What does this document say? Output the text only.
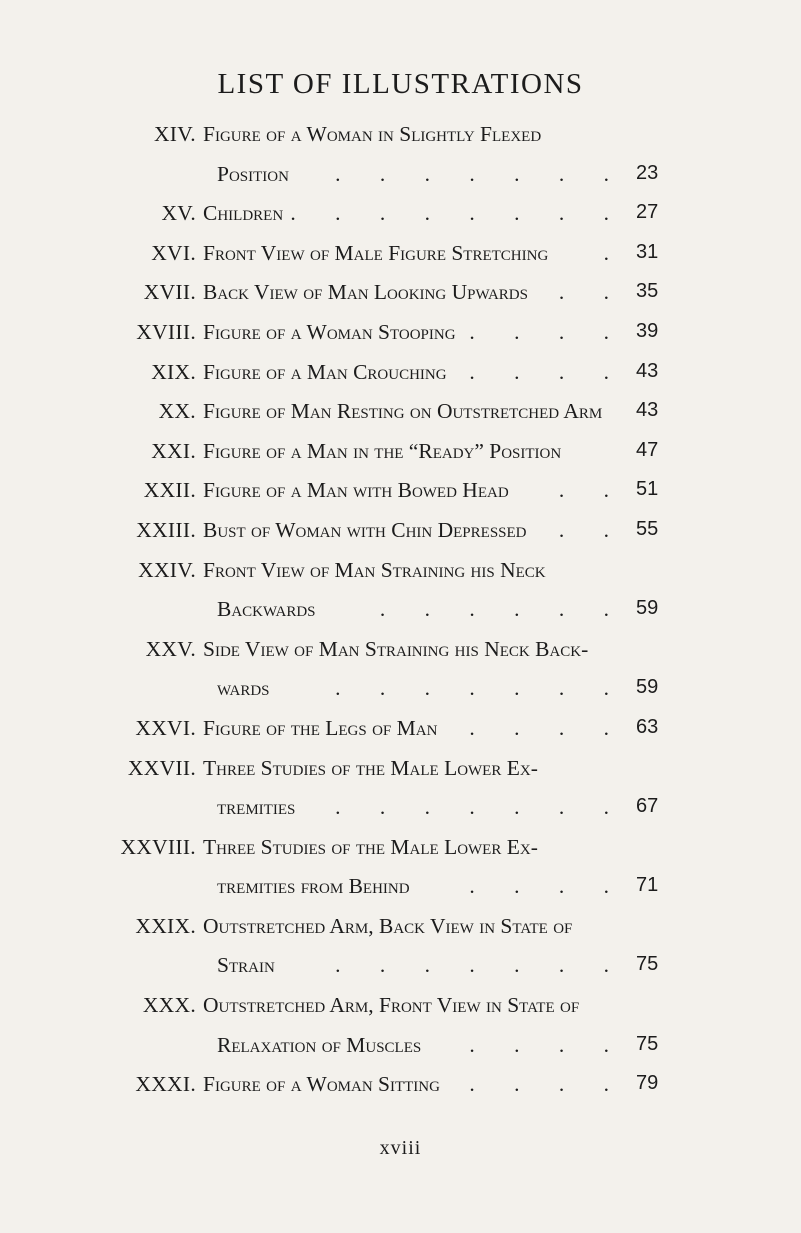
LIST OF ILLUSTRATIONS
XIV. Figure of a Woman in Slightly Flexed
Position . . . . . . . 23
XV. Children . . . . . . . . 27
XVI. Front View of Male Figure Stretching	. 31
XVII. Back View of Man Looking Upwards . . 35
XVIII. Figure of a Woman Stooping . . . . 39
XIX. Figure of a Man Crouching . . . . 43
XX. Figure of Man Resting on Outstretched Arm 43
XXI. Figure of a Man in the “Ready” Position	47
XXII. Figure of a Man with Bowed Head . . 51
XXIII. Bust of Woman with Chin Depressed . . 55
XXIV. Front View of Man Straining his Neck
Backwards	. . . . . . 59
XXV. Side View of Man Straining his Neck Back-
wards	. . . . . . . 59
XXVI. Figure of the Legs of Man . . . . 63
XXVII. Three Studies of the Male Lower Ex-
tremities . . . . . . . 67
XXVIII. Three Studies of the Male Lower Ex-
tremities from Behind	. . . . 71
XXIX. Outstretched Arm, Back View in State of
Strain	. . . . . . . 75
XXX. Outstretched Arm, Front View in State of
Relaxation of Muscles . . . . 75
XXXI. Figure of a Woman Sitting . . . . 79
xviii
